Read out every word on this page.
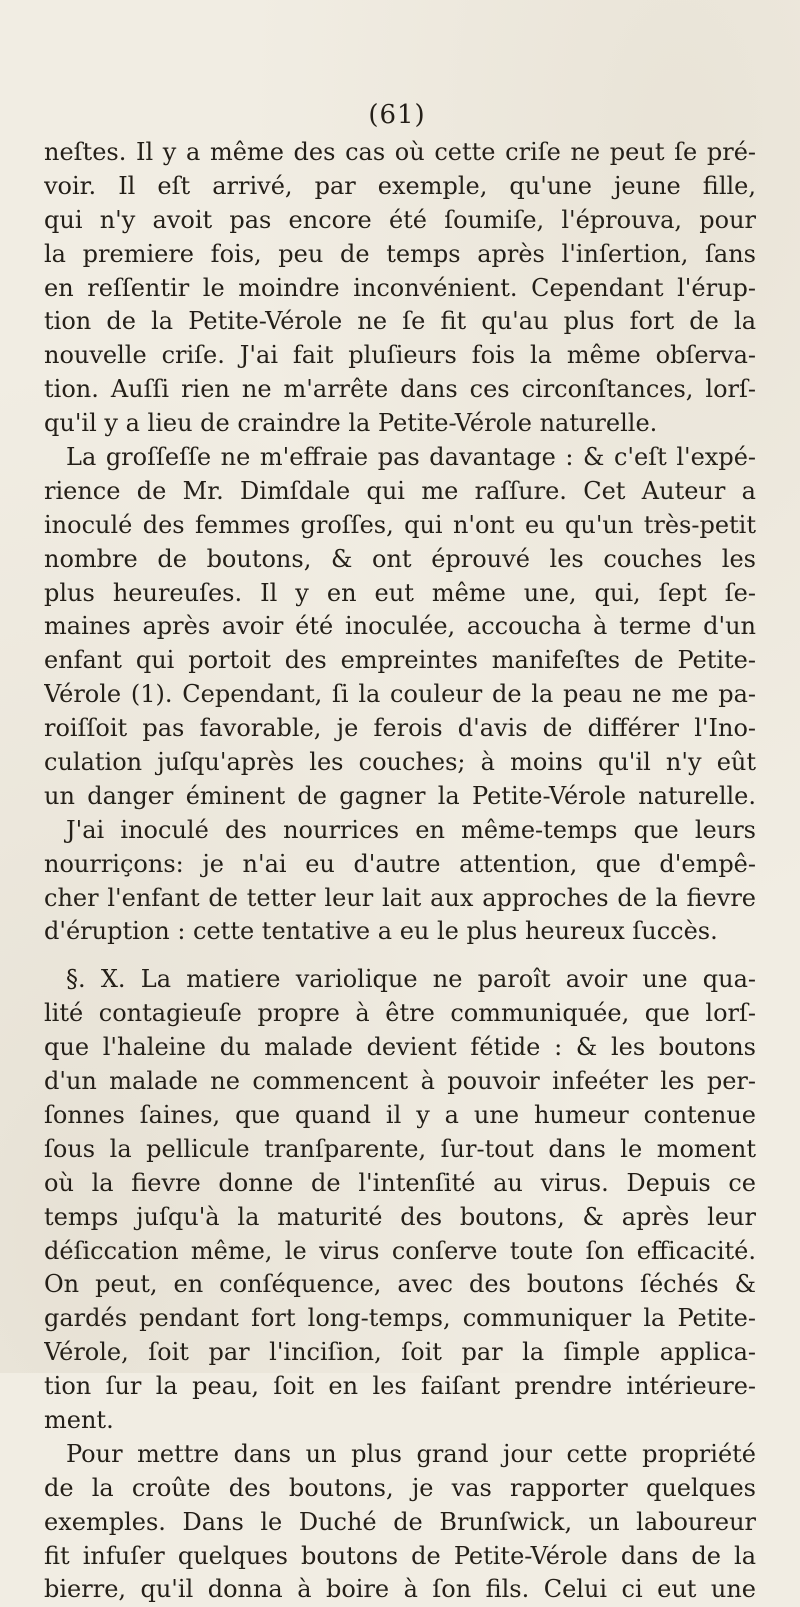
(61)
neſtes. Il y a même des cas où cette criſe ne peut ſe pré-
voir. Il eſt arrivé, par exemple, qu'une jeune fille,
qui n'y avoit pas encore été ſoumiſe, l'éprouva, pour
la premiere fois, peu de temps après l'inſertion, ſans
en reſſentir le moindre inconvénient. Cependant l'érup-
tion de la Petite-Vérole ne ſe fit qu'au plus fort de la
nouvelle criſe. J'ai fait pluſieurs fois la même obſerva-
tion. Auſſi rien ne m'arrête dans ces circonſtances, lorſ-
qu'il y a lieu de craindre la Petite-Vérole naturelle.
La groſſeſſe ne m'effraie pas davantage : & c'eſt l'expé-
rience de Mr. Dimſdale qui me raſſure. Cet Auteur a
inoculé des femmes groſſes, qui n'ont eu qu'un très-petit
nombre de boutons, & ont éprouvé les couches les
plus heureuſes. Il y en eut même une, qui, ſept ſe-
maines après avoir été inoculée, accoucha à terme d'un
enfant qui portoit des empreintes manifeſtes de Petite-
Vérole (1). Cependant, ſi la couleur de la peau ne me pa-
roiſſoit pas favorable, je ferois d'avis de différer l'Ino-
culation juſqu'après les couches; à moins qu'il n'y eût
un danger éminent de gagner la Petite-Vérole naturelle.
J'ai inoculé des nourrices en même-temps que leurs
nourriçons: je n'ai eu d'autre attention, que d'empê-
cher l'enfant de tetter leur lait aux approches de la fievre
d'éruption : cette tentative a eu le plus heureux ſuccès.
§. X. La matiere variolique ne paroît avoir une qua-
lité contagieuſe propre à être communiquée, que lorſ-
que l'haleine du malade devient fétide : & les boutons
d'un malade ne commencent à pouvoir infeéter les per-
ſonnes ſaines, que quand il y a une humeur contenue
ſous la pellicule tranſparente, ſur-tout dans le moment
où la fievre donne de l'intenſité au virus. Depuis ce
temps juſqu'à la maturité des boutons, & après leur
déſiccation même, le virus conſerve toute ſon efficacité.
On peut, en conſéquence, avec des boutons ſéchés &
gardés pendant fort long-temps, communiquer la Petite-
Vérole, ſoit par l'inciſion, ſoit par la ſimple applica-
tion ſur la peau, ſoit en les faiſant prendre intérieure-
ment.
Pour mettre dans un plus grand jour cette propriété
de la croûte des boutons, je vas rapporter quelques
exemples. Dans le Duché de Brunſwick, un laboureur
fit infuſer quelques boutons de Petite-Vérole dans de la
bierre, qu'il donna à boire à ſon fils. Celui ci eut une
